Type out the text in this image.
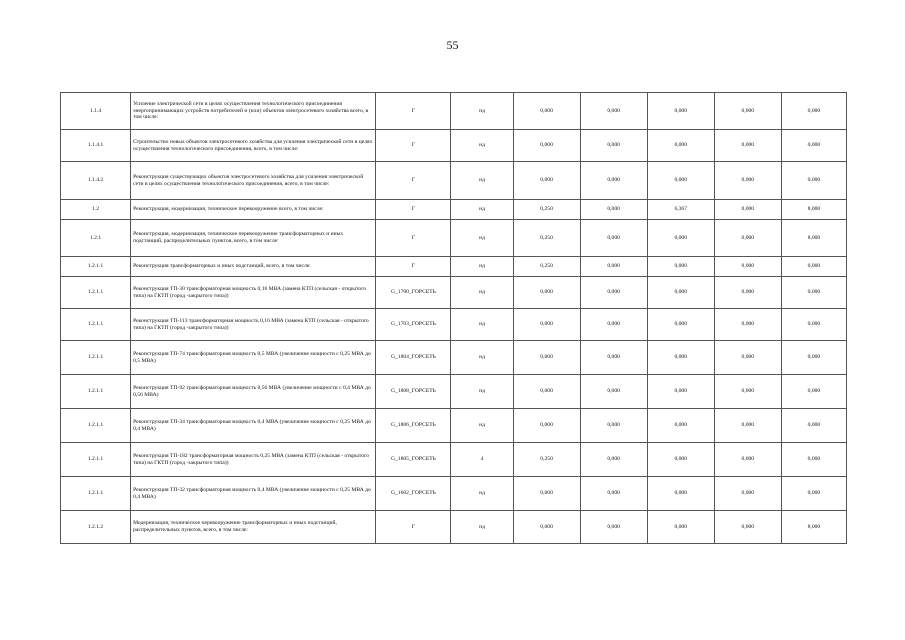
55
1.1.4	Усиление электрической сети в целях осуществления технологического присоединения энергопринимающих устройств потребителей и (или) объектов электросетевого хозяйства всего, в том числе:	Г	нд	0,000	0,000	0,000	0,000	0,000
1.1.4.1	Строительство новых объектов электросетевого хозяйства для усиления электрической сети в целях осуществления технологического присоединения, всего, в том числе:	Г	нд	0,000	0,000	0,000	0,000	0,000
1.1.4.2	Реконструкция существующих объектов электросетевого хозяйства для усиления электрической сети в целях осуществления технологического присоединения, всего, в том числе:	Г	нд	0,000	0,000	0,000	0,000	0,000
1.2	Реконструкция, модернизация, техническое перевооружение всего, в том числе:	Г	нд	0,250	0,000	6,367	0,000	8,000
1.2.1	Реконструкция, модернизация, техническое перевооружение трансформаторных и иных подстанций, распределительных пунктов, всего, в том числе:	Г	нд	0,250	0,000	0,000	0,000	8,000
1.2.1.1	Реконструкция трансформаторных и иных подстанций, всего, в том числе:	Г	нд	0,250	0,000	0,000	0,000	0,000
1.2.1.1	Реконструкция ТП-30 трансформаторная мощность 0,16 МВА (замена КТП (сельская - открытого типа) на ГКТП (город -закрытого типа))	G_1700_ГОРСЕТЬ	нд	0,000	0,000	0,000	0,000	0,000
1.2.1.1	Реконструкция ТП-113 трансформаторная мощность 0,16 МВА (замена КТП (сельская - открытого типа) на ГКТП (город -закрытого типа))	G_1703_ГОРСЕТЬ	нд	0,000	0,000	0,000	0,000	0,000
1.2.1.1	Реконструкция ТП-74 трансформаторная мощность 0,5 МВА (увеличение мощности с 0,25 МВА до 0,5 МВА)	G_1804_ГОРСЕТЬ	нд	0,000	0,000	0,000	0,000	0,000
1.2.1.1	Реконструкция ТП-92 трансформаторная мощность 0,56 МВА (увеличение мощности с 0,4 МВА до 0,56 МВА)	G_1808_ГОРСЕТЬ	нд	0,000	0,000	0,000	0,000	0,000
1.2.1.1	Реконструкция ТП-34 трансформаторная мощность 0,4 МВА (увеличение мощности с 0,25 МВА до 0,4 МВА)	G_1806_ГОРСЕТЬ	нд	0,000	0,000	0,000	0,000	0,000
1.2.1.1	Реконструкция ТП-182 трансформаторная мощность 0,25 МВА (замена КТП (сельская - открытого типа) на ГКТП (город -закрытого типа))	G_1805_ГОРСЕТЬ	4	0,250	0,000	0,000	0,000	0,000
1.2.1.1	Реконструкция ТП-32 трансформаторная мощность 0,4 МВА (увеличение мощности с 0,25 МВА до 0,4 МВА)	G_1602_ГОРСЕТЬ	нд	0,000	0,000	0,000	0,000	0,000
1.2.1.2	Модернизация, техническое перевооружение трансформаторных и иных подстанций, распределительных пунктов, всего, в том числе:	Г	нд	0,000	0,000	0,000	0,000	8,000
